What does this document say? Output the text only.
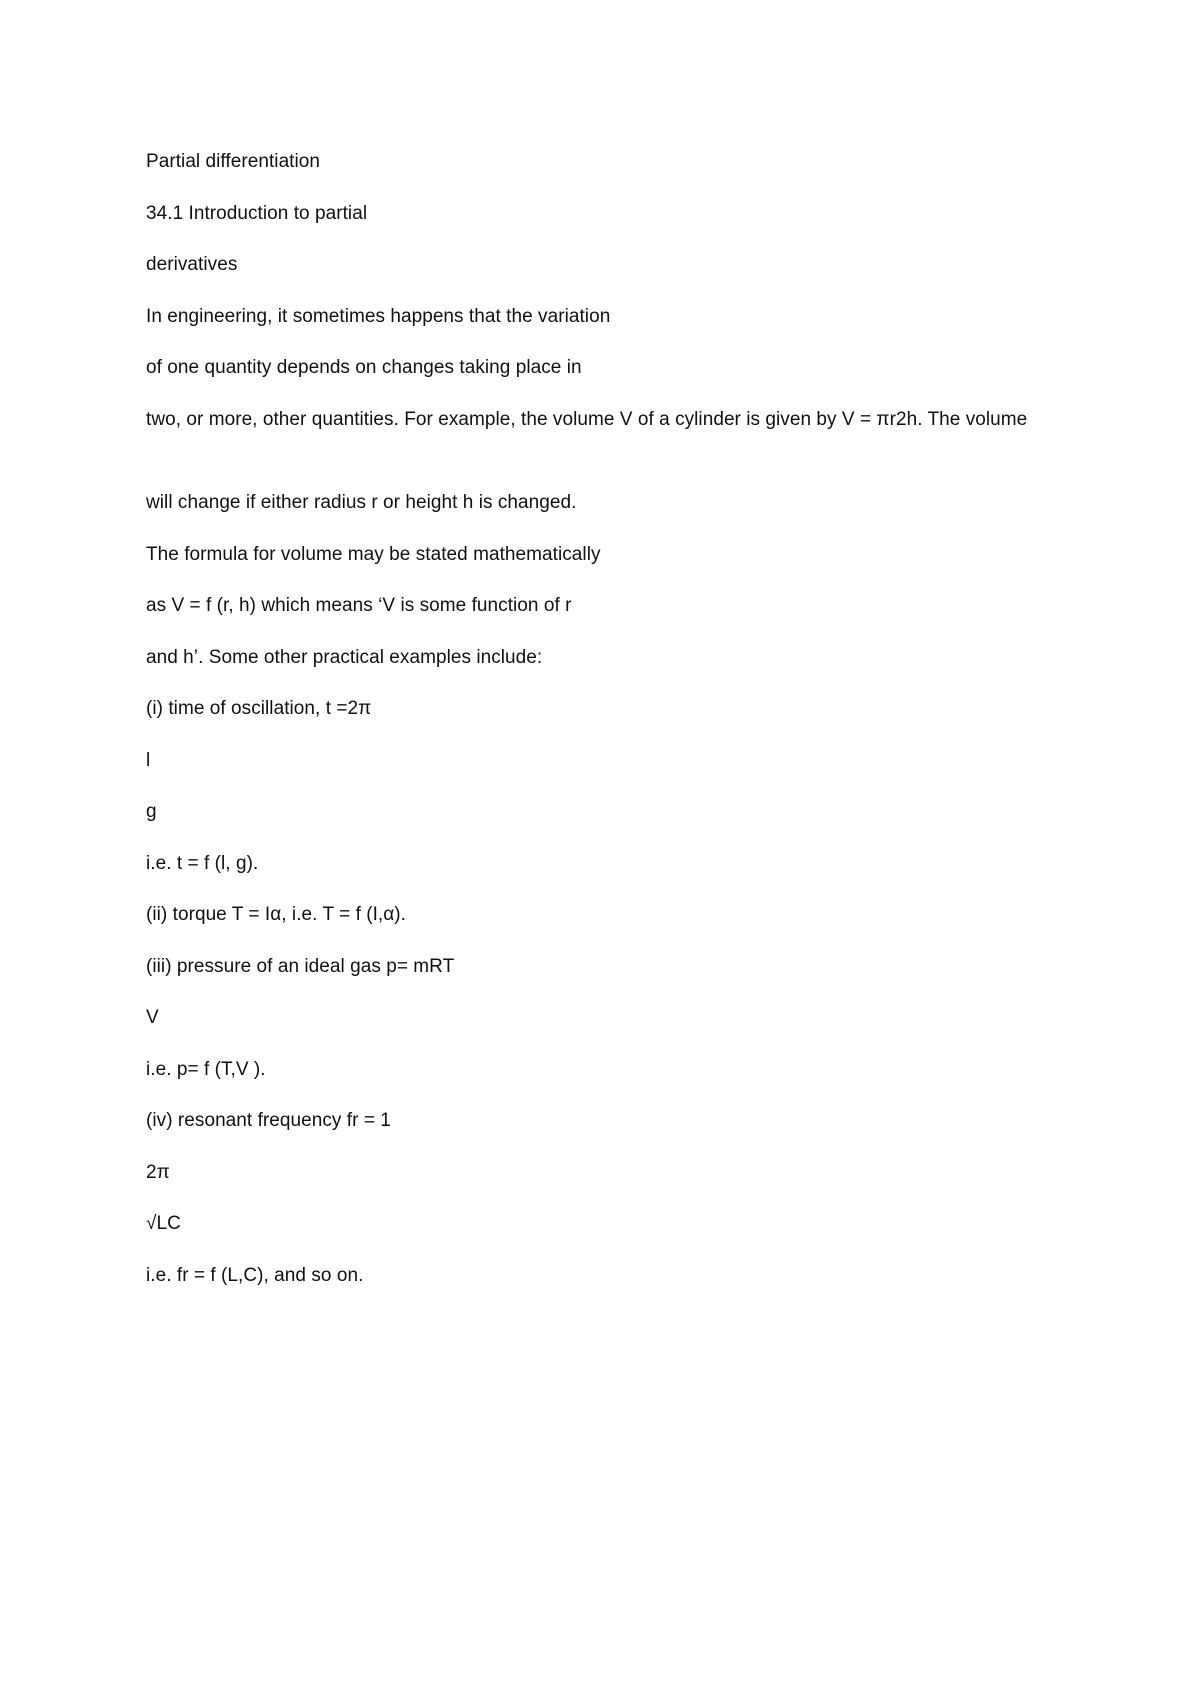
Partial differentiation
34.1 Introduction to partial
derivatives
In engineering, it sometimes happens that the variation
of one quantity depends on changes taking place in
two, or more, other quantities. For example, the volume V of a cylinder is given by V = πr2h. The volume
will change if either radius r or height h is changed.
The formula for volume may be stated mathematically
as V = f (r, h) which means ‘V is some function of r
and h’. Some other practical examples include:
(i) time of oscillation, t =2π
l
g
i.e. t = f (l, g).
(ii) torque T = Iα, i.e. T = f (I,α).
(iii) pressure of an ideal gas p= mRT
V
i.e. p= f (T,V ).
(iv) resonant frequency fr = 1
2π
√LC
i.e. fr = f (L,C), and so on.
